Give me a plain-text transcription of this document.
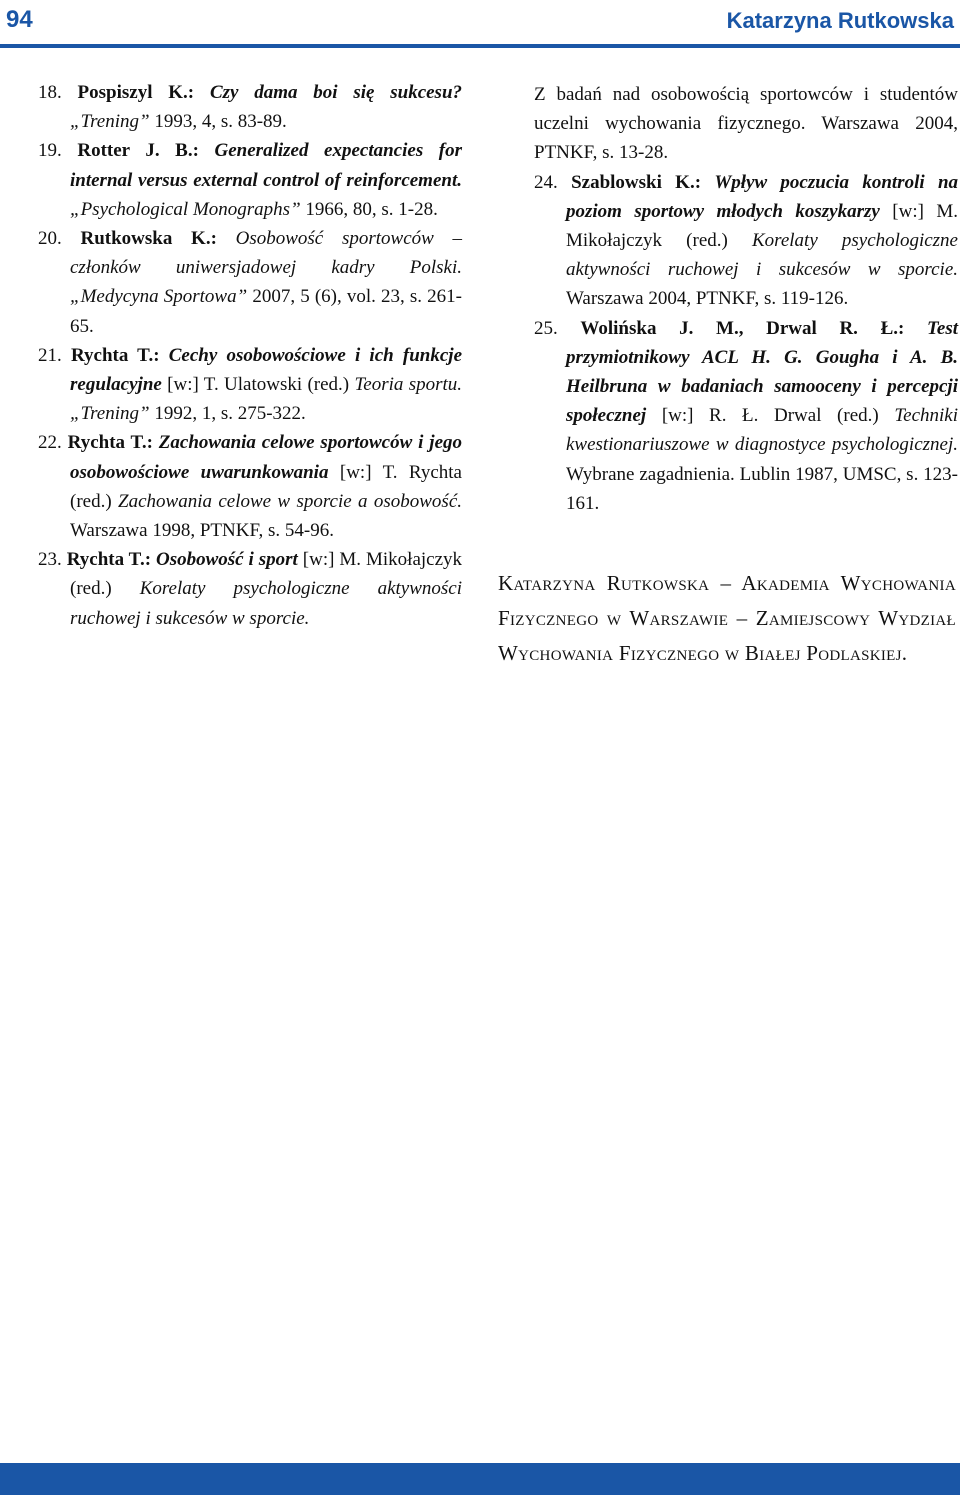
94	Katarzyna Rutkowska

18. Pospiszyl K.: Czy dama boi się sukcesu? „Trening” 1993, 4, s. 83-89.

19. Rotter J. B.: Generalized expectancies for internal versus external control of reinforcement. „Psychological Monographs” 1966, 80, s. 1-28.

20. Rutkowska K.: Osobowość sportowców – członków uniwersjadowej kadry Polski. „Medycyna Sportowa” 2007, 5 (6), vol. 23, s. 261-65.

21. Rychta T.: Cechy osobowościowe i ich funkcje regulacyjne [w:] T. Ulatowski (red.) Teoria sportu. „Trening” 1992, 1, s. 275-322.

22. Rychta T.: Zachowania celowe sportowców i jego osobowościowe uwarunkowania [w:] T. Rychta (red.) Zachowania celowe w sporcie a osobowość. Warszawa 1998, PTNKF, s. 54-96.

23. Rychta T.: Osobowość i sport [w:] M. Mikołajczyk (red.) Korelaty psychologiczne aktywności ruchowej i sukcesów w sporcie.

Z badań nad osobowością sportowców i studentów uczelni wychowania fizycznego. Warszawa 2004, PTNKF, s. 13-28.

24. Szablowski K.: Wpływ poczucia kontroli na poziom sportowy młodych koszykarzy [w:] M. Mikołajczyk (red.) Korelaty psychologiczne aktywności ruchowej i sukcesów w sporcie. Warszawa 2004, PTNKF, s. 119-126.

25. Wolińska J. M., Drwal R. Ł.: Test przymiotnikowy ACL H. G. Gougha i A. B. Heilbruna w badaniach samooceny i percepcji społecznej [w:] R. Ł. Drwal (red.) Techniki kwestionariuszowe w diagnostyce psychologicznej. Wybrane zagadnienia. Lublin 1987, UMSC, s. 123-161.

Katarzyna Rutkowska – Akademia Wychowania Fizycznego w Warszawie – Zamiejscowy Wydział Wychowania Fizycznego w Białej Podlaskiej.
